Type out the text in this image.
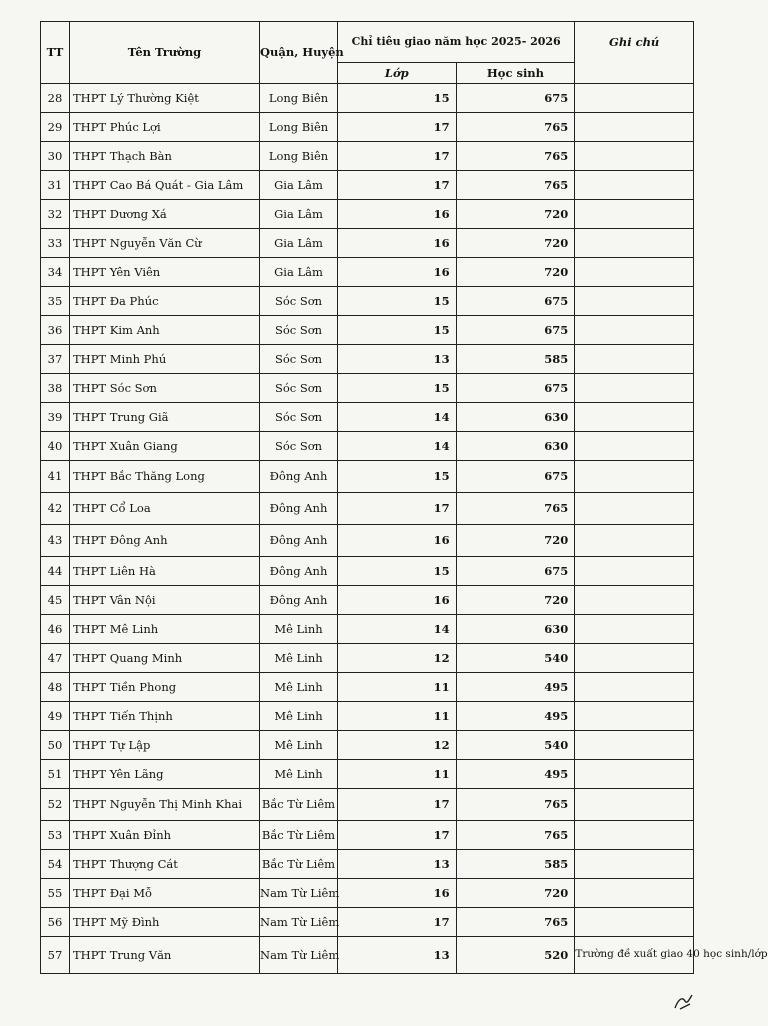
TT	Tên Trường	Quận, Huyện	Chỉ tiêu giao năm học 2025- 2026		Ghi chú
			Lớp	Học sinh	
28	THPT Lý Thường Kiệt	Long Biên	15	675	
29	THPT Phúc Lợi	Long Biên	17	765	
30	THPT Thạch Bàn	Long Biên	17	765	
31	THPT Cao Bá Quát - Gia Lâm	Gia Lâm	17	765	
32	THPT Dương Xá	Gia Lâm	16	720	
33	THPT Nguyễn Văn Cừ	Gia Lâm	16	720	
34	THPT Yên Viên	Gia Lâm	16	720	
35	THPT Đa Phúc	Sóc Sơn	15	675	
36	THPT Kim Anh	Sóc Sơn	15	675	
37	THPT Minh Phú	Sóc Sơn	13	585	
38	THPT Sóc Sơn	Sóc Sơn	15	675	
39	THPT Trung Giã	Sóc Sơn	14	630	
40	THPT Xuân Giang	Sóc Sơn	14	630	
41	THPT Bắc Thăng Long	Đông Anh	15	675	
42	THPT Cổ Loa	Đông Anh	17	765	
43	THPT Đông Anh	Đông Anh	16	720	
44	THPT Liên Hà	Đông Anh	15	675	
45	THPT Vân Nội	Đông Anh	16	720	
46	THPT Mê Linh	Mê Linh	14	630	
47	THPT Quang Minh	Mê Linh	12	540	
48	THPT Tiền Phong	Mê Linh	11	495	
49	THPT Tiến Thịnh	Mê Linh	11	495	
50	THPT Tự Lập	Mê Linh	12	540	
51	THPT Yên Lãng	Mê Linh	11	495	
52	THPT Nguyễn Thị Minh Khai	Bắc Từ Liêm	17	765	
53	THPT Xuân Đỉnh	Bắc Từ Liêm	17	765	
54	THPT Thượng Cát	Bắc Từ Liêm	13	585	
55	THPT Đại Mỗ	Nam Từ Liêm	16	720	
56	THPT Mỹ Đình	Nam Từ Liêm	17	765	
57	THPT Trung Văn	Nam Từ Liêm	13	520	Trường đề xuất giao 40 học sinh/lớp
